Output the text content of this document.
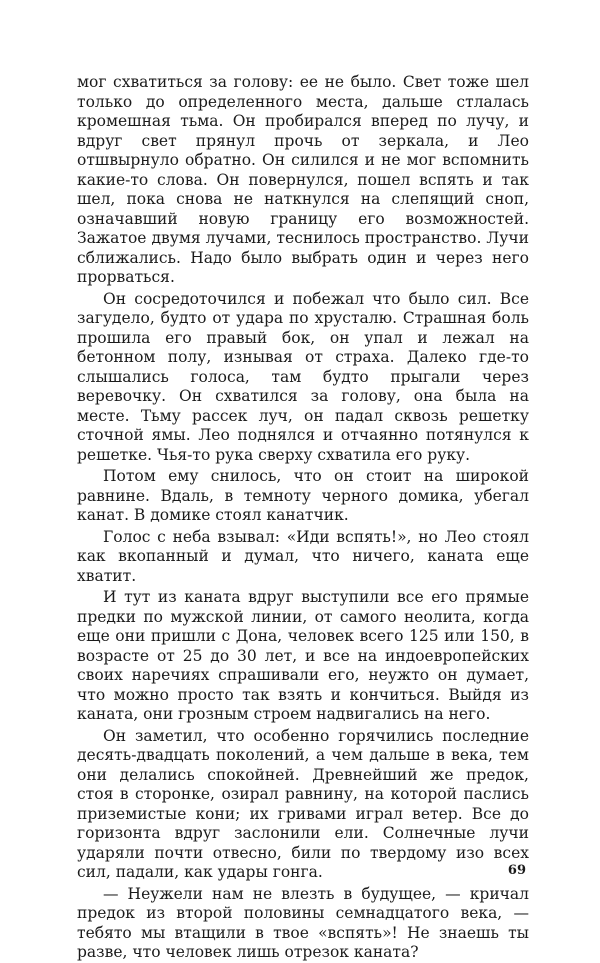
мог схватиться за голову: ее не было. Свет тоже шел только до определенного места, дальше стлалась кромешная тьма. Он пробирался вперед по лучу, и вдруг свет прянул прочь от зеркала, и Лео отшвырнуло обратно. Он силился и не мог вспомнить какие-то слова. Он повернулся, пошел вспять и так шел, пока снова не наткнулся на слепящий сноп, означавший новую границу его возможностей. Зажатое двумя лучами, теснилось пространство. Лучи сближались. Надо было выбрать один и через него прорваться.

Он сосредоточился и побежал что было сил. Все загудело, будто от удара по хрусталю. Страшная боль прошила его правый бок, он упал и лежал на бетонном полу, изнывая от страха. Далеко где-то слышались голоса, там будто прыгали через веревочку. Он схватился за голову, она была на месте. Тьму рассек луч, он падал сквозь решетку сточной ямы. Лео поднялся и отчаянно потянулся к решетке. Чья-то рука сверху схватила его руку.

Потом ему снилось, что он стоит на широкой равнине. Вдаль, в темноту черного домика, убегал канат. В домике стоял канатчик.

Голос с неба взывал: «Иди вспять!», но Лео стоял как вкопанный и думал, что ничего, каната еще хватит.

И тут из каната вдруг выступили все его прямые предки по мужской линии, от самого неолита, когда еще они пришли с Дона, человек всего 125 или 150, в возрасте от 25 до 30 лет, и все на индоевропейских своих наречиях спрашивали его, неужто он думает, что можно просто так взять и кончиться. Выйдя из каната, они грозным строем надвигались на него.

Он заметил, что особенно горячились последние десять-двадцать поколений, а чем дальше в века, тем они делались спокойней. Древнейший же предок, стоя в сторонке, озирал равнину, на которой паслись приземистые кони; их гривами играл ветер. Все до горизонта вдруг заслонили ели. Солнечные лучи ударяли почти отвесно, били по твердому изо всех сил, падали, как удары гонга.

— Неужели нам не влезть в будущее, — кричал предок из второй половины семнадцатого века, — тебято мы втащили в твое «вспять»! Не знаешь ты разве, что человек лишь отрезок каната?

69
